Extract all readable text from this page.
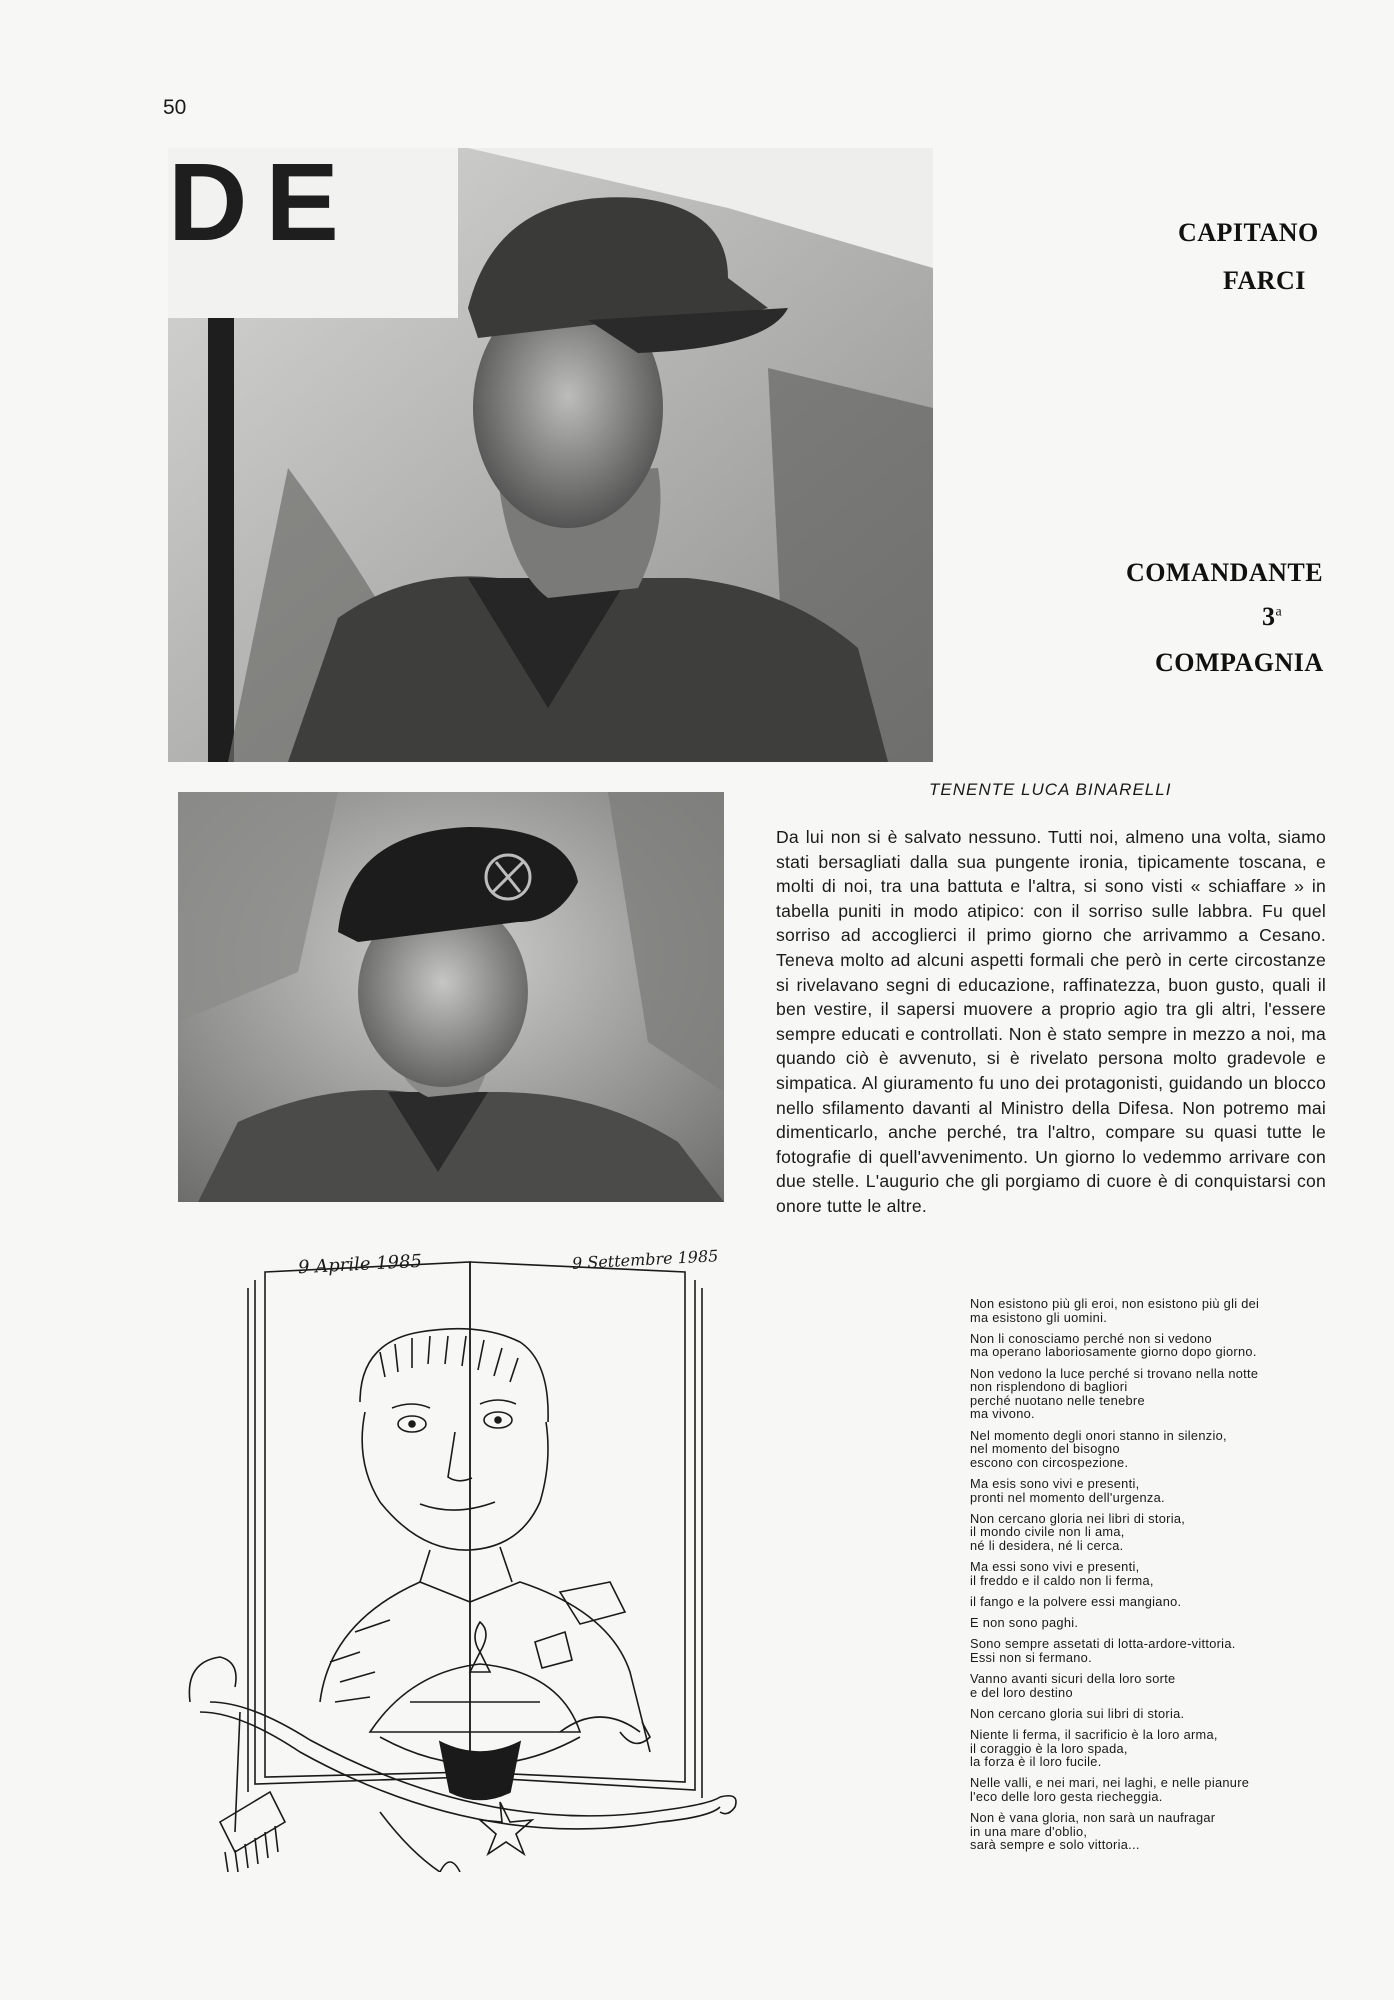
50
DE	CAPITANO
FARCI
COMANDANTE
3$^a$
COMPAGNIA
TENENTE LUCA BINARELLI
Da lui non si è salvato nessuno. Tutti noi, almeno una volta, siamo stati bersagliati dalla sua pungente ironia, tipicamente toscana, e molti di noi, tra una battuta e l'altra, si sono visti « schiaffare » in tabella puniti in modo atipico: con il sorriso sulle labbra. Fu quel sorriso ad accoglierci il primo giorno che arrivammo a Cesano. Teneva molto ad alcuni aspetti formali che però in certe circostanze si rivelavano segni di educazione, raffinatezza, buon gusto, quali il ben vestire, il sapersi muovere a proprio agio tra gli altri, l'essere sempre educati e controllati. Non è stato sempre in mezzo a noi, ma quando ciò è avvenuto, si è rivelato persona molto gradevole e simpatica. Al giuramento fu uno dei protagonisti, guidando un blocco nello sfilamento davanti al Ministro della Difesa. Non potremo mai dimenticarlo, anche perché, tra l'altro, compare su quasi tutte le fotografie di quell'avvenimento. Un giorno lo vedemmo arrivare con due stelle. L'augurio che gli porgiamo di cuore è di conquistarsi con onore tutte le altre.
9 Aprile 1985	9 Settembre 1985
Non esistono più gli eroi, non esistono più gli dei
ma esistono gli uomini.
Non li conosciamo perché non si vedono
ma operano laboriosamente giorno dopo giorno.
Non vedono la luce perché si trovano nella notte
non risplendono di bagliori
perché nuotano nelle tenebre
ma vivono.
Nel momento degli onori stanno in silenzio,
nel momento del bisogno
escono con circospezione.
Ma esis sono vivi e presenti,
pronti nel momento dell'urgenza.
Non cercano gloria nei libri di storia,
il mondo civile non li ama,
né li desidera, né li cerca.
Ma essi sono vivi e presenti,
il freddo e il caldo non li ferma,
il fango e la polvere essi mangiano.
E non sono paghi.
Sono sempre assetati di lotta-ardore-vittoria.
Essi non si fermano.
Vanno avanti sicuri della loro sorte
e del loro destino
Non cercano gloria sui libri di storia.
Niente li ferma, il sacrificio è la loro arma,
il coraggio è la loro spada,
la forza è il loro fucile.
Nelle valli, e nei mari, nei laghi, e nelle pianure
l'eco delle loro gesta riecheggia.
Non è vana gloria, non sarà un naufragar
in una mare d'oblio,
sarà sempre e solo vittoria...
